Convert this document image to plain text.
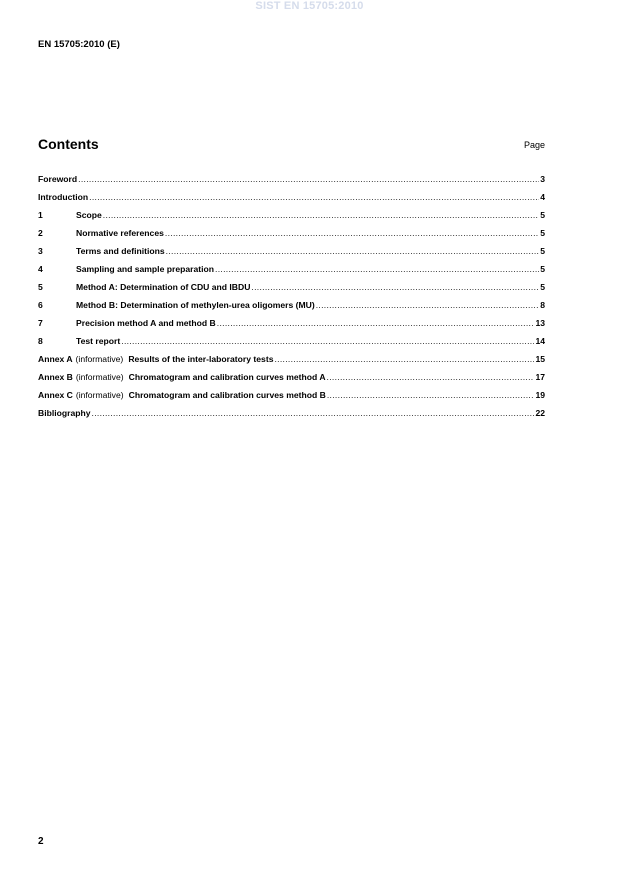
SIST EN 15705:2010
EN 15705:2010 (E)
Contents	Page
Foreword .....	3
Introduction .....	4
1	Scope .....	5
2	Normative references .....	5
3	Terms and definitions .....	5
4	Sampling and sample preparation .....	5
5	Method A: Determination of CDU and IBDU .....	5
6	Method B: Determination of methylen-urea oligomers (MU) .....	8
7	Precision method A and method B .....	13
8	Test report .....	14
Annex A (informative) Results of the inter-laboratory tests .....	15
Annex B (informative) Chromatogram and calibration curves method A .....	17
Annex C (informative) Chromatogram and calibration curves method B .....	19
Bibliography .....	22
2
